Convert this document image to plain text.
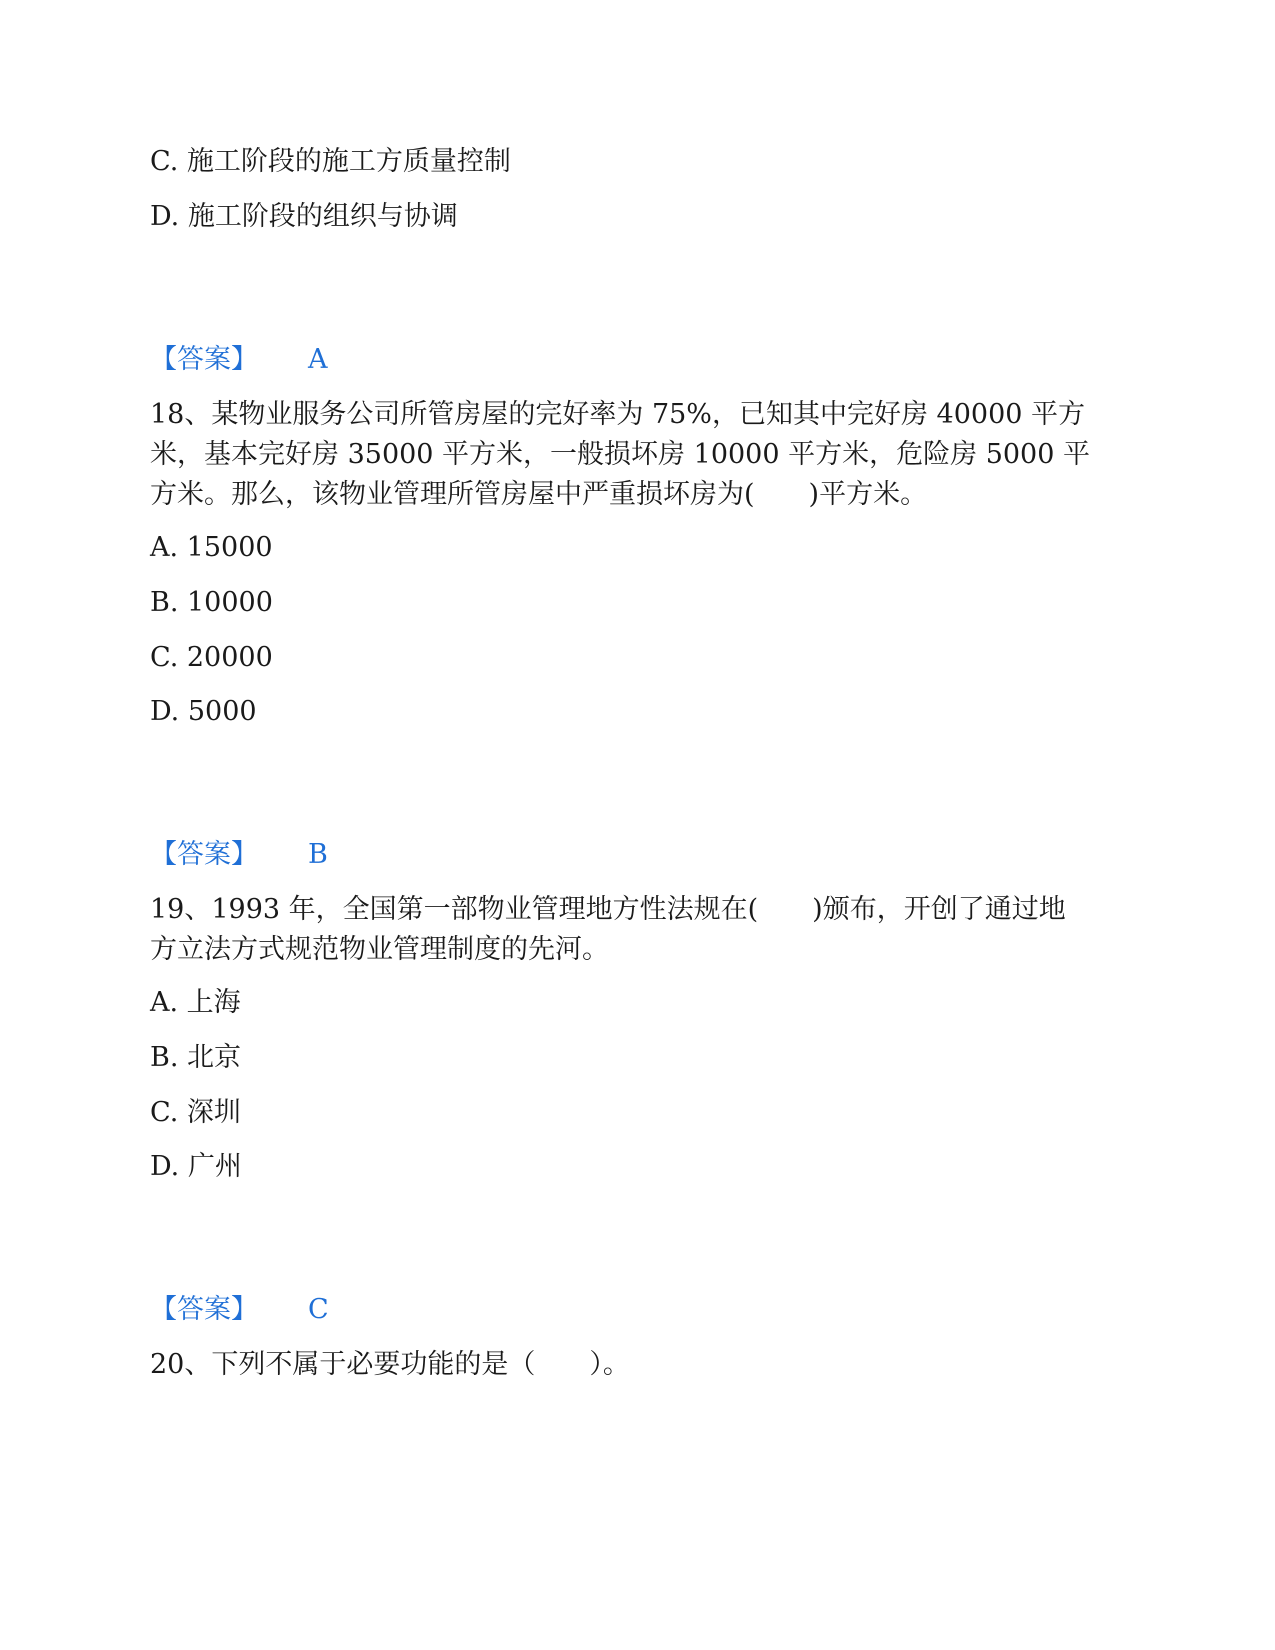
C. 施工阶段的施工方质量控制
D. 施工阶段的组织与协调
【答案】 A
18、某物业服务公司所管房屋的完好率为 75%，已知其中完好房 40000 平方
米，基本完好房 35000 平方米，一般损坏房 10000 平方米，危险房 5000 平
方米。那么，该物业管理所管房屋中严重损坏房为(　　)平方米。
A. 15000
B. 10000
C. 20000
D. 5000
【答案】 B
19、1993 年，全国第一部物业管理地方性法规在(　　)颁布，开创了通过地
方立法方式规范物业管理制度的先河。
A. 上海
B. 北京
C. 深圳
D. 广州
【答案】 C
20、下列不属于必要功能的是（　　）。
